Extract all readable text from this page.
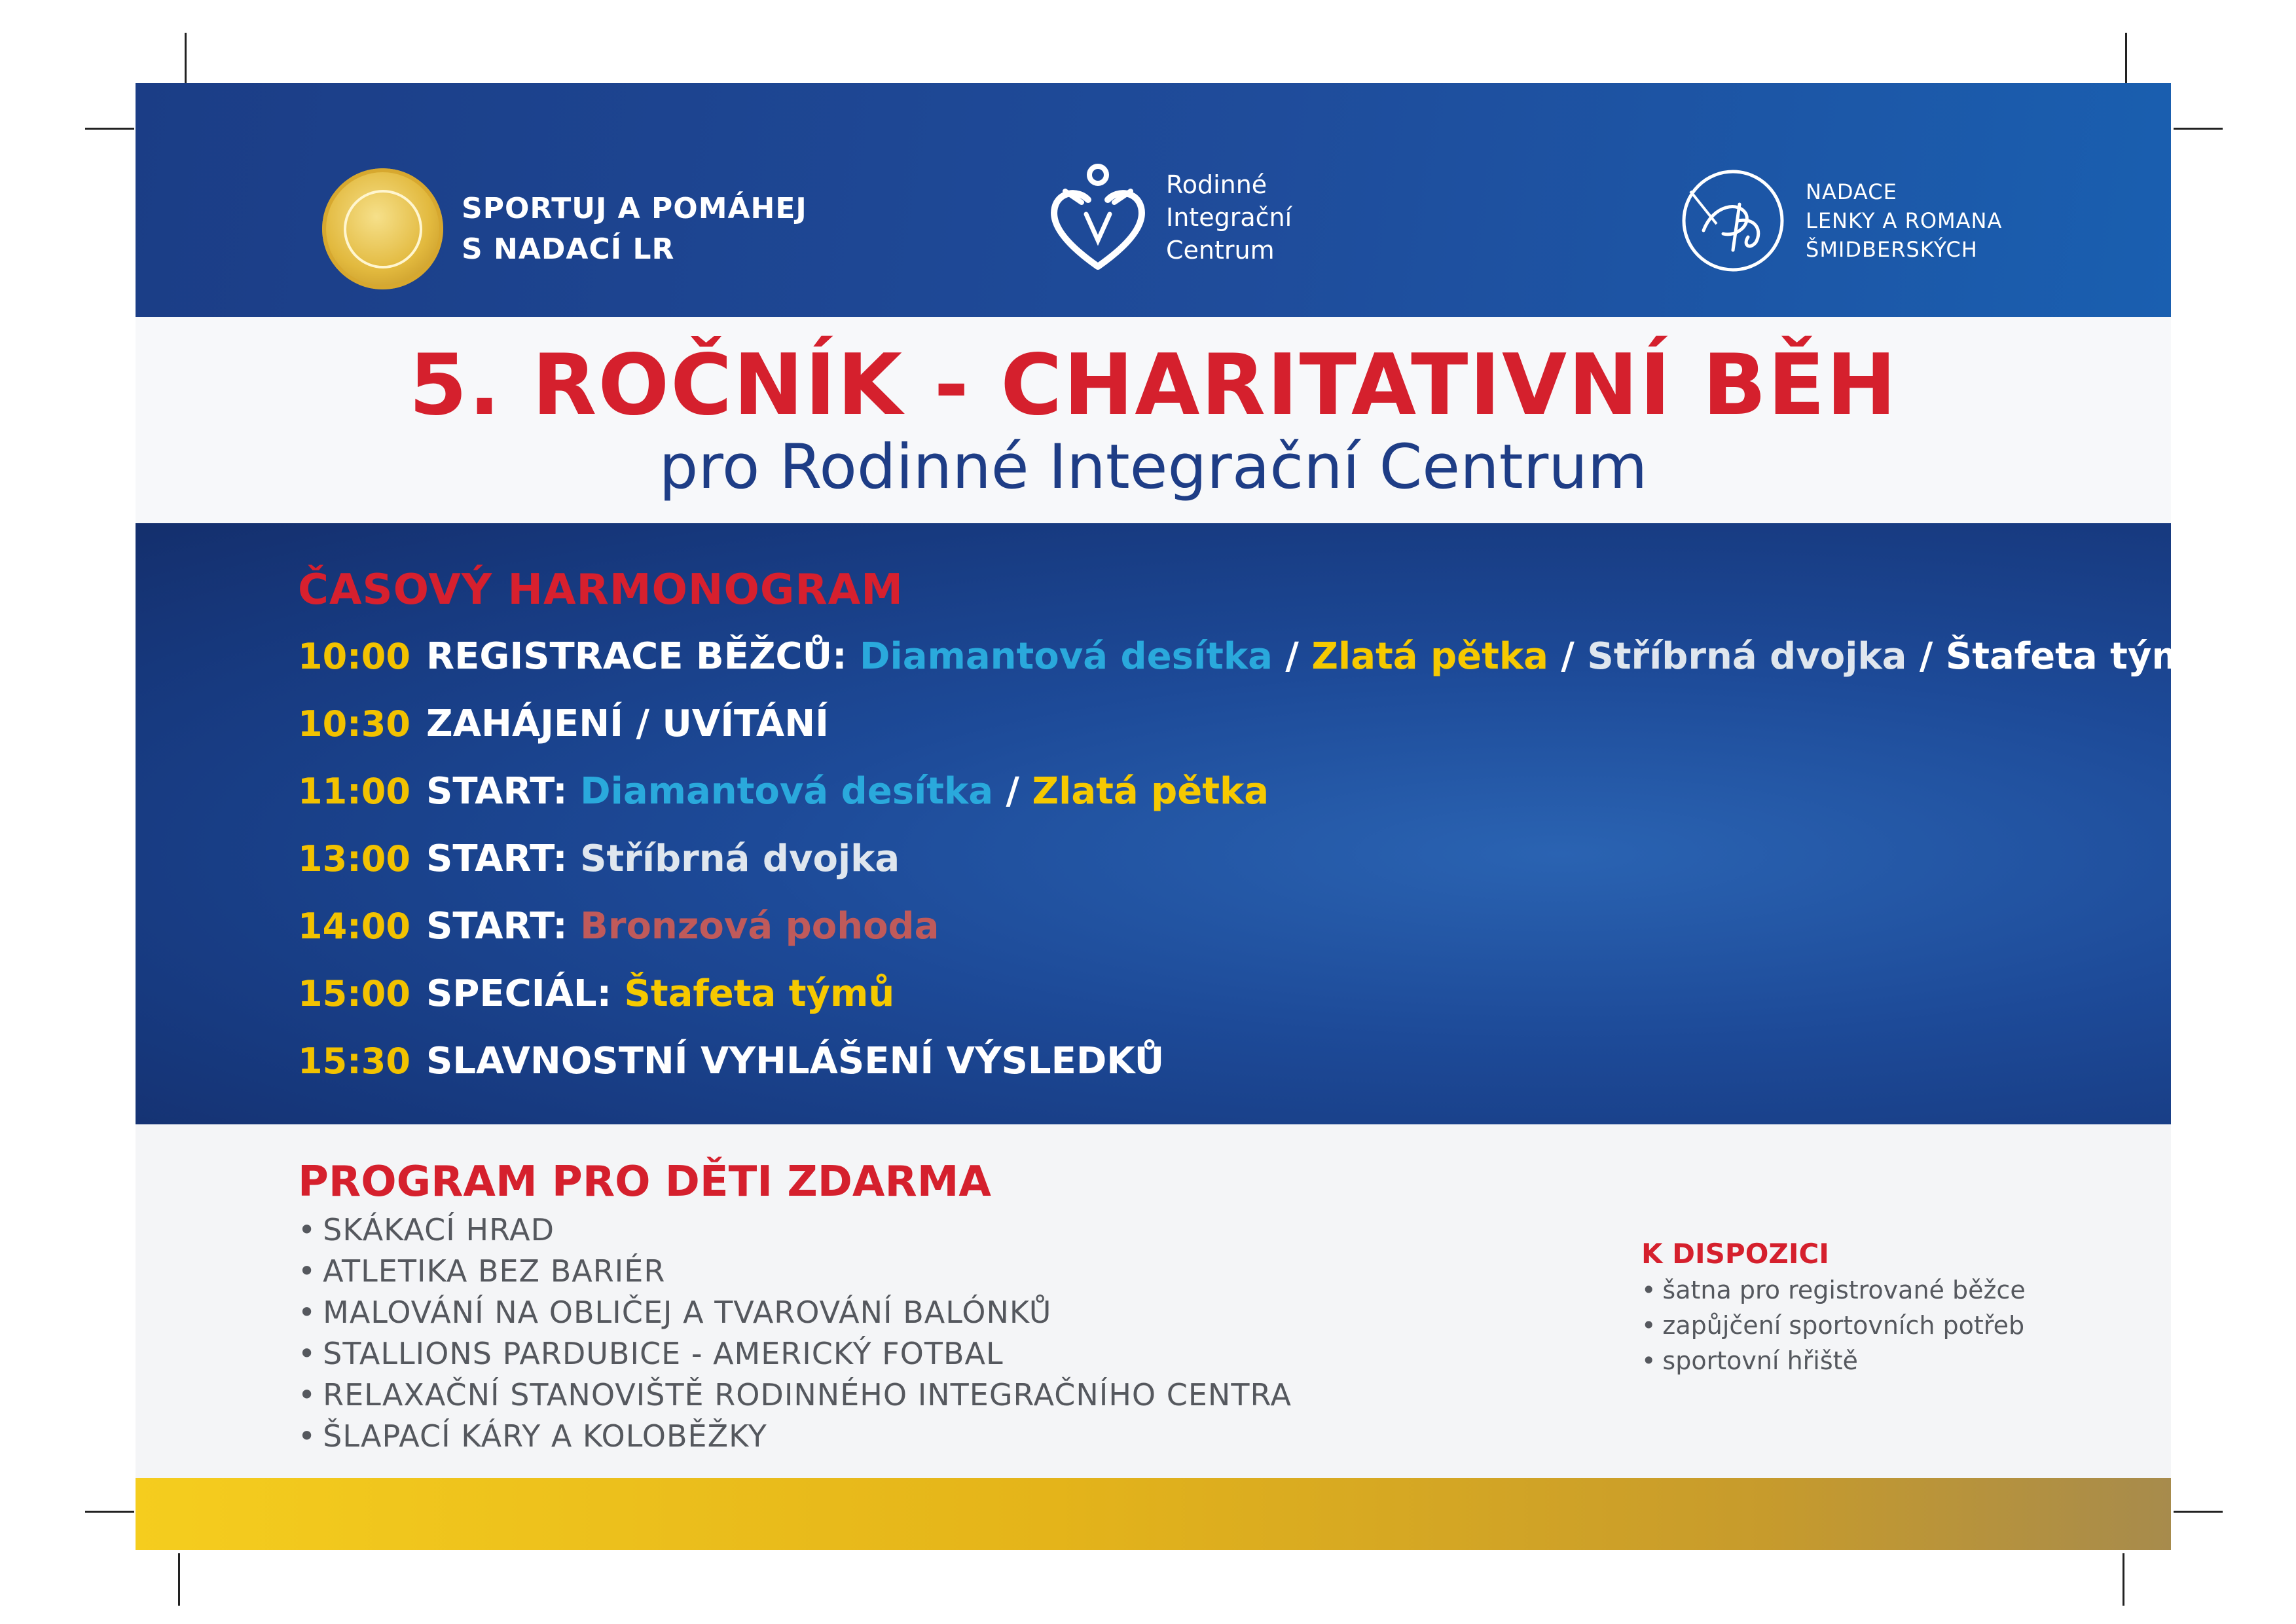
SPORTUJ A POMÁHEJ
S NADACÍ LR
Rodinné
Integrační
Centrum
NADACE
LENKY A ROMANA
ŠMIDBERSKÝCH
5. ROČNÍK - CHARITATIVNÍ BĚH
pro Rodinné Integrační Centrum
ČASOVÝ HARMONOGRAM
10:00 REGISTRACE BĚŽCŮ: Diamantová desítka / Zlatá pětka / Stříbrná dvojka / Štafeta týmů
10:30 ZAHÁJENÍ / UVÍTÁNÍ
11:00 START: Diamantová desítka / Zlatá pětka
13:00 START: Stříbrná dvojka
14:00 START: Bronzová pohoda
15:00 SPECIÁL: Štafeta týmů
15:30 SLAVNOSTNÍ VYHLÁŠENÍ VÝSLEDKŮ
PROGRAM PRO DĚTI ZDARMA
• SKÁKACÍ HRAD
• ATLETIKA BEZ BARIÉR
• MALOVÁNÍ NA OBLIČEJ A TVAROVÁNÍ BALÓNKŮ
• STALLIONS PARDUBICE - AMERICKÝ FOTBAL
• RELAXAČNÍ STANOVIŠTĚ RODINNÉHO INTEGRAČNÍHO CENTRA
• ŠLAPACÍ KÁRY A KOLOBĚŽKY
K DISPOZICI
• šatna pro registrované běžce
• zapůjčení sportovních potřeb
• sportovní hřiště
